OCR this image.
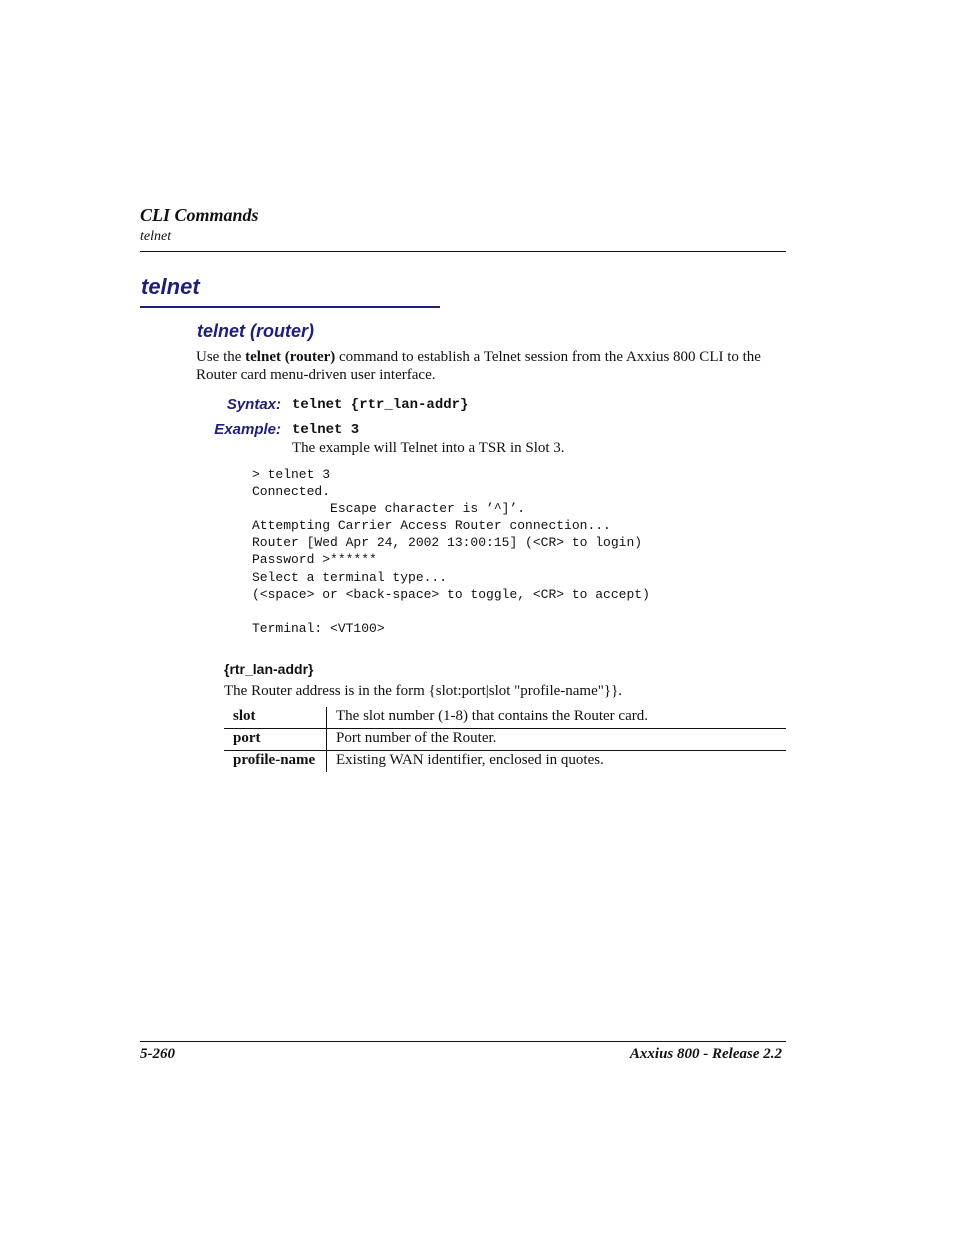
CLI Commands
telnet
telnet
telnet (router)
Use the telnet (router) command to establish a Telnet session from the Axxius 800 CLI to the Router card menu-driven user interface.
Syntax: telnet {rtr_lan-addr}
Example: telnet 3
The example will Telnet into a TSR in Slot 3.
> telnet 3
Connected.
Escape character is ’^]’.
Attempting Carrier Access Router connection...
Router [Wed Apr 24, 2002 13:00:15] (<CR> to login)
Password >******
Select a terminal type...
(<space> or <back-space> to toggle, <CR> to accept)

Terminal: <VT100>
{rtr_lan-addr}
The Router address is in the form {slot:port|slot "profile-name"}}.
slot	The slot number (1-8) that contains the Router card.
port	Port number of the Router.
profile-name	Existing WAN identifier, enclosed in quotes.
5-260	Axxius 800 - Release 2.2
